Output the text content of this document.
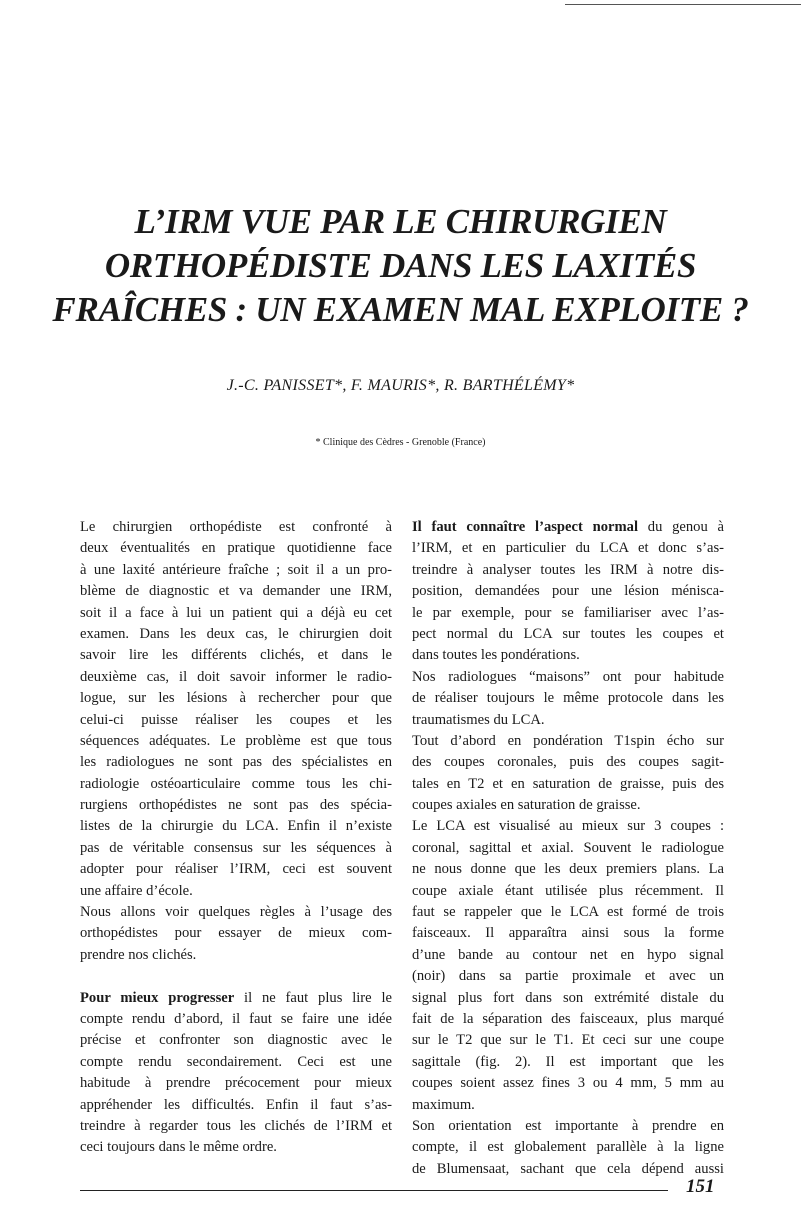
L’IRM VUE PAR LE CHIRURGIEN
ORTHOPÉDISTE DANS LES LAXITÉS
FRAÎCHES : UN EXAMEN MAL EXPLOITE ?
J.-C. PANISSET*, F. MAURIS*, R. BARTHÉLÉMY*
* Clinique des Cèdres - Grenoble (France)
Le chirurgien orthopédiste est confronté à
deux éventualités en pratique quotidienne face
à une laxité antérieure fraîche ; soit il a un pro-
blème de diagnostic et va demander une IRM,
soit il a face à lui un patient qui a déjà eu cet
examen. Dans les deux cas, le chirurgien doit
savoir lire les différents clichés, et dans le
deuxième cas, il doit savoir informer le radio-
logue, sur les lésions à rechercher pour que
celui-ci puisse réaliser les coupes et les
séquences adéquates. Le problème est que tous
les radiologues ne sont pas des spécialistes en
radiologie ostéoarticulaire comme tous les chi-
rurgiens orthopédistes ne sont pas des spécia-
listes de la chirurgie du LCA. Enfin il n’existe
pas de véritable consensus sur les séquences à
adopter pour réaliser l’IRM, ceci est souvent
une affaire d’école.
Nous allons voir quelques règles à l’usage des
orthopédistes pour essayer de mieux com-
prendre nos clichés.
Pour mieux progresser il ne faut plus lire le
compte rendu d’abord, il faut se faire une idée
précise et confronter son diagnostic avec le
compte rendu secondairement. Ceci est une
habitude à prendre précocement pour mieux
appréhender les difficultés. Enfin il faut s’as-
treindre à regarder tous les clichés de l’IRM et
ceci toujours dans le même ordre.
Il faut connaître l’aspect normal du genou à
l’IRM, et en particulier du LCA et donc s’as-
treindre à analyser toutes les IRM à notre dis-
position, demandées pour une lésion ménisca-
le par exemple, pour se familiariser avec l’as-
pect normal du LCA sur toutes les coupes et
dans toutes les pondérations.
Nos radiologues “maisons” ont pour habitude
de réaliser toujours le même protocole dans les
traumatismes du LCA.
Tout d’abord en pondération T1spin écho sur
des coupes coronales, puis des coupes sagit-
tales en T2 et en saturation de graisse, puis des
coupes axiales en saturation de graisse.
Le LCA est visualisé au mieux sur 3 coupes :
coronal, sagittal et axial. Souvent le radiologue
ne nous donne que les deux premiers plans. La
coupe axiale étant utilisée plus récemment. Il
faut se rappeler que le LCA est formé de trois
faisceaux. Il apparaîtra ainsi sous la forme
d’une bande au contour net en hypo signal
(noir) dans sa partie proximale et avec un
signal plus fort dans son extrémité distale du
fait de la séparation des faisceaux, plus marqué
sur le T2 que sur le T1. Et ceci sur une coupe
sagittale (fig. 2). Il est important que les
coupes soient assez fines 3 ou 4 mm, 5 mm au
maximum.
Son orientation est importante à prendre en
compte, il est globalement parallèle à la ligne
de Blumensaat, sachant que cela dépend aussi
151
